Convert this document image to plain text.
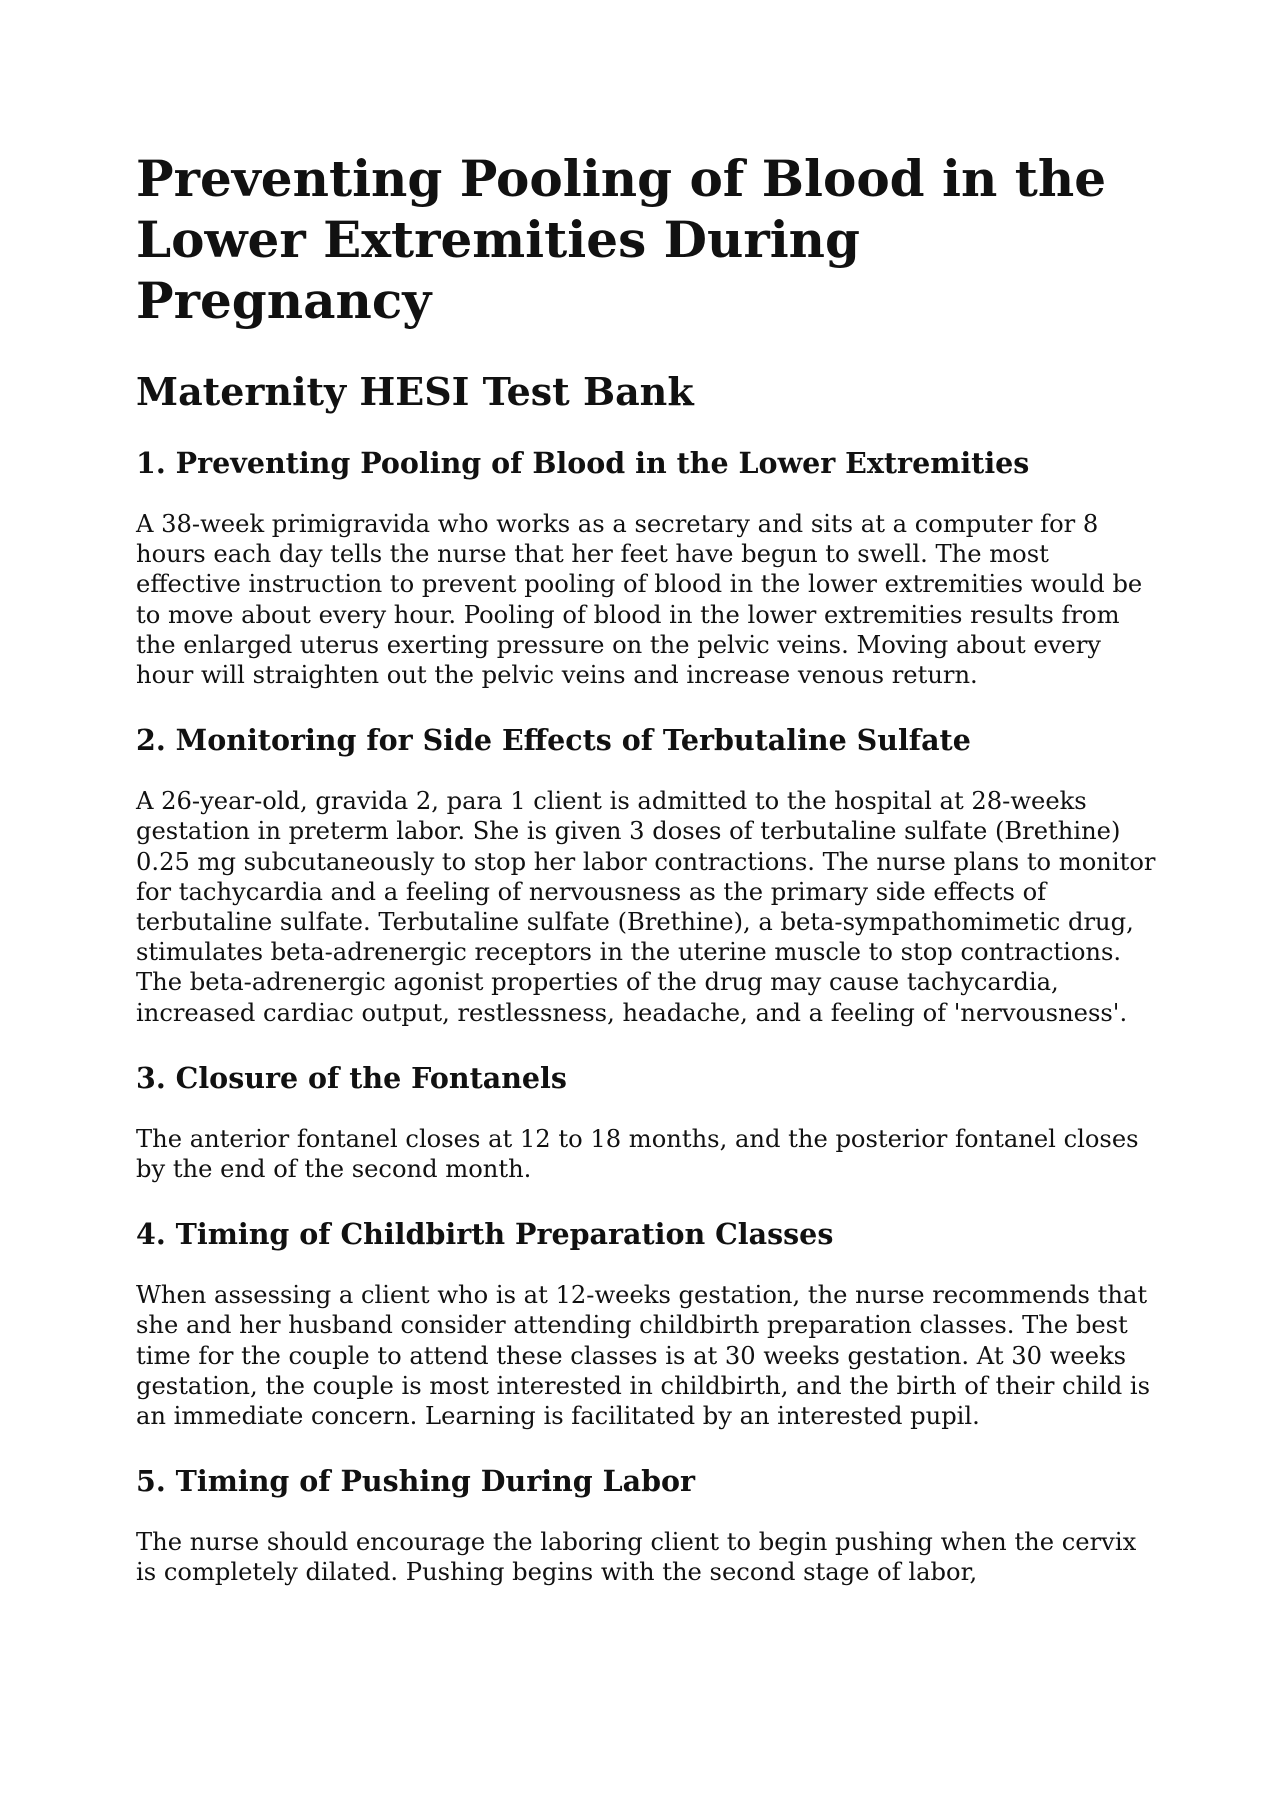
Preventing Pooling of Blood in the Lower Extremities During Pregnancy
Maternity HESI Test Bank
1. Preventing Pooling of Blood in the Lower Extremities

A 38-week primigravida who works as a secretary and sits at a computer for 8 hours each day tells the nurse that her feet have begun to swell. The most effective instruction to prevent pooling of blood in the lower extremities would be to move about every hour. Pooling of blood in the lower extremities results from the enlarged uterus exerting pressure on the pelvic veins. Moving about every hour will straighten out the pelvic veins and increase venous return.

2. Monitoring for Side Effects of Terbutaline Sulfate

A 26-year-old, gravida 2, para 1 client is admitted to the hospital at 28-weeks gestation in preterm labor. She is given 3 doses of terbutaline sulfate (Brethine) 0.25 mg subcutaneously to stop her labor contractions. The nurse plans to monitor for tachycardia and a feeling of nervousness as the primary side effects of terbutaline sulfate. Terbutaline sulfate (Brethine), a beta-sympathomimetic drug, stimulates beta-adrenergic receptors in the uterine muscle to stop contractions. The beta-adrenergic agonist properties of the drug may cause tachycardia, increased cardiac output, restlessness, headache, and a feeling of 'nervousness'.

3. Closure of the Fontanels

The anterior fontanel closes at 12 to 18 months, and the posterior fontanel closes by the end of the second month.

4. Timing of Childbirth Preparation Classes

When assessing a client who is at 12-weeks gestation, the nurse recommends that she and her husband consider attending childbirth preparation classes. The best time for the couple to attend these classes is at 30 weeks gestation. At 30 weeks gestation, the couple is most interested in childbirth, and the birth of their child is an immediate concern. Learning is facilitated by an interested pupil.

5. Timing of Pushing During Labor

The nurse should encourage the laboring client to begin pushing when the cervix is completely dilated. Pushing begins with the second stage of labor,
